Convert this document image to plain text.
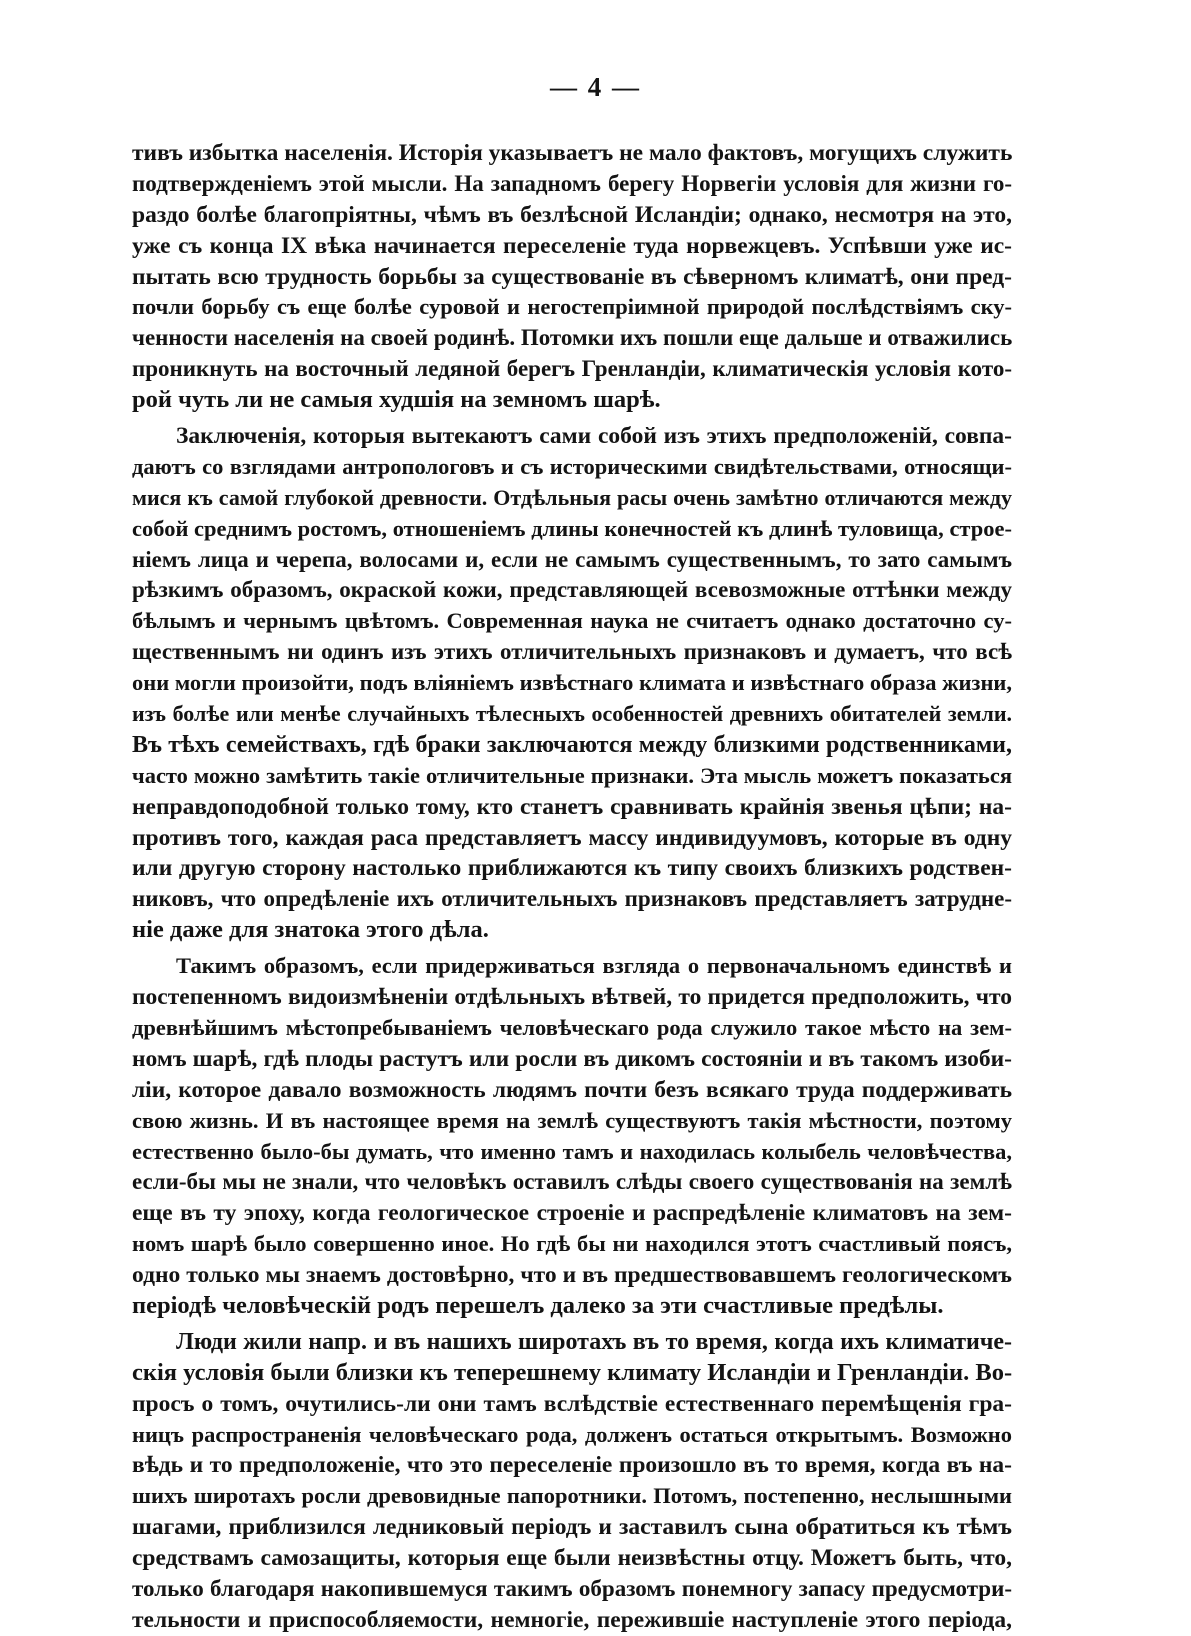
— 4 —
тивъ избытка населенія. Исторія указываетъ не мало фактовъ, могущихъ служить
подтвержденіемъ этой мысли. На западномъ берегу Норвегіи условія для жизни го-
раздо болѣе благопріятны, чѣмъ въ безлѣсной Исландіи; однако, несмотря на это,
уже съ конца IX вѣка начинается переселеніе туда норвежцевъ. Успѣвши уже ис-
пытать всю трудность борьбы за существованіе въ сѣверномъ климатѣ, они пред-
почли борьбу съ еще болѣе суровой и негостепріимной природой послѣдствіямъ ску-
ченности населенія на своей родинѣ. Потомки ихъ пошли еще дальше и отважились
проникнуть на восточный ледяной берегъ Гренландіи, климатическія условія кото-
рой чуть ли не самыя худшія на земномъ шарѣ.
Заключенія, которыя вытекаютъ сами собой изъ этихъ предположеній, совпа-
даютъ со взглядами антропологовъ и съ историческими свидѣтельствами, относящи-
мися къ самой глубокой древности. Отдѣльныя расы очень замѣтно отличаются между
собой среднимъ ростомъ, отношеніемъ длины конечностей къ длинѣ туловища, строе-
ніемъ лица и черепа, волосами и, если не самымъ существеннымъ, то зато самымъ
рѣзкимъ образомъ, окраской кожи, представляющей всевозможные оттѣнки между
бѣлымъ и чернымъ цвѣтомъ. Современная наука не считаетъ однако достаточно су-
щественнымъ ни одинъ изъ этихъ отличительныхъ признаковъ и думаетъ, что всѣ
они могли произойти, подъ вліяніемъ извѣстнаго климата и извѣстнаго образа жизни,
изъ болѣе или менѣе случайныхъ тѣлесныхъ особенностей древнихъ обитателей земли.
Въ тѣхъ семействахъ, гдѣ браки заключаются между близкими родственниками,
часто можно замѣтить такіе отличительные признаки. Эта мысль можетъ показаться
неправдоподобной только тому, кто станетъ сравнивать крайнія звенья цѣпи; на-
противъ того, каждая раса представляетъ массу индивидуумовъ, которые въ одну
или другую сторону настолько приближаются къ типу своихъ близкихъ родствен-
никовъ, что опредѣленіе ихъ отличительныхъ признаковъ представляетъ затрудне-
ніе даже для знатока этого дѣла.
Такимъ образомъ, если придерживаться взгляда о первоначальномъ единствѣ и
постепенномъ видоизмѣненіи отдѣльныхъ вѣтвей, то придется предположить, что
древнѣйшимъ мѣстопребываніемъ человѣческаго рода служило такое мѣсто на зем-
номъ шарѣ, гдѣ плоды растутъ или росли въ дикомъ состояніи и въ такомъ изоби-
ліи, которое давало возможность людямъ почти безъ всякаго труда поддерживать
свою жизнь. И въ настоящее время на землѣ существуютъ такія мѣстности, поэтому
естественно было-бы думать, что именно тамъ и находилась колыбель человѣчества,
если-бы мы не знали, что человѣкъ оставилъ слѣды своего существованія на землѣ
еще въ ту эпоху, когда геологическое строеніе и распредѣленіе климатовъ на зем-
номъ шарѣ было совершенно иное. Но гдѣ бы ни находился этотъ счастливый поясъ,
одно только мы знаемъ достовѣрно, что и въ предшествовавшемъ геологическомъ
періодѣ человѣческій родъ перешелъ далеко за эти счастливые предѣлы.
Люди жили напр. и въ нашихъ широтахъ въ то время, когда ихъ климатиче-
скія условія были близки къ теперешнему климату Исландіи и Гренландіи. Во-
просъ о томъ, очутились-ли они тамъ вслѣдствіе естественнаго перемѣщенія гра-
ницъ распространенія человѣческаго рода, долженъ остаться открытымъ. Возможно
вѣдь и то предположеніе, что это переселеніе произошло въ то время, когда въ на-
шихъ широтахъ росли древовидные папоротники. Потомъ, постепенно, неслышными
шагами, приблизился ледниковый періодъ и заставилъ сына обратиться къ тѣмъ
средствамъ самозащиты, которыя еще были неизвѣстны отцу. Можетъ быть, что,
только благодаря накопившемуся такимъ образомъ понемногу запасу предусмотри-
тельности и приспособляемости, немногіе, пережившіе наступленіе этого періода,
